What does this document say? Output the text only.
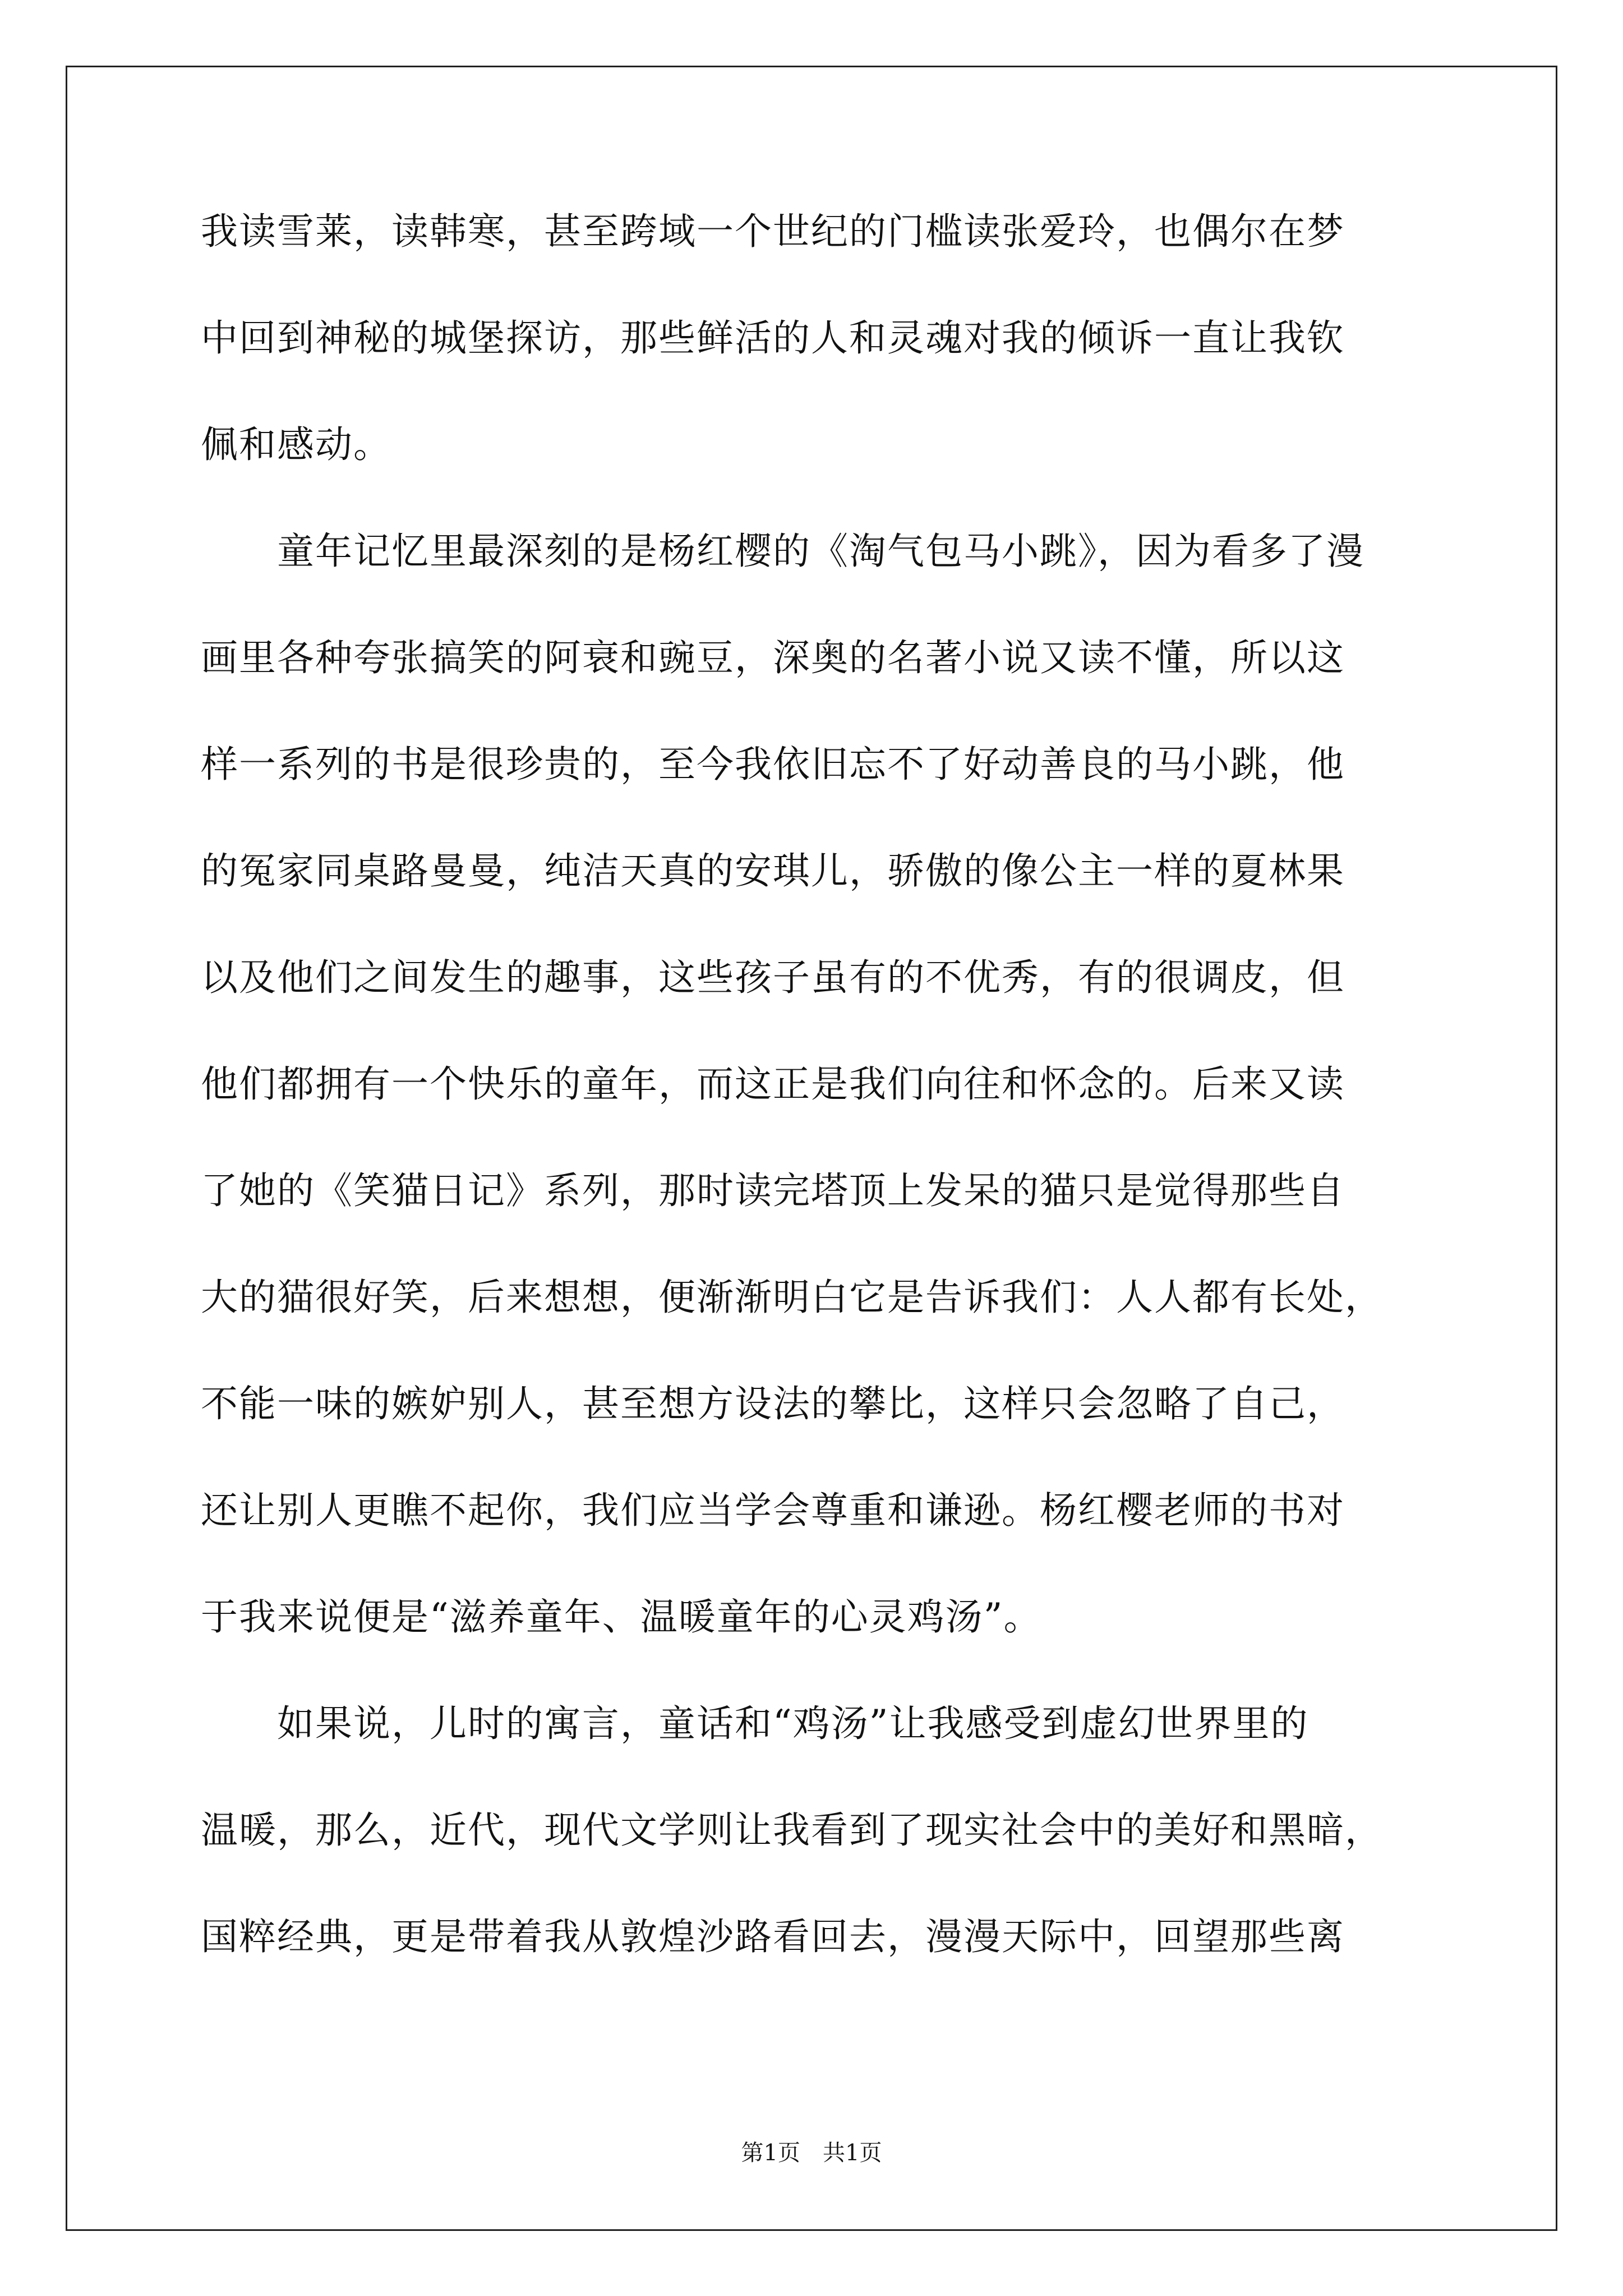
我读雪莱，读韩寒，甚至跨域一个世纪的门槛读张爱玲，也偶尔在梦

中回到神秘的城堡探访，那些鲜活的人和灵魂对我的倾诉一直让我钦

佩和感动。

　　童年记忆里最深刻的是杨红樱的《淘气包马小跳》，因为看多了漫

画里各种夸张搞笑的阿衰和豌豆，深奥的名著小说又读不懂，所以这

样一系列的书是很珍贵的，至今我依旧忘不了好动善良的马小跳，他

的冤家同桌路曼曼，纯洁天真的安琪儿，骄傲的像公主一样的夏林果

以及他们之间发生的趣事，这些孩子虽有的不优秀，有的很调皮，但

他们都拥有一个快乐的童年，而这正是我们向往和怀念的。后来又读

了她的《笑猫日记》系列，那时读完塔顶上发呆的猫只是觉得那些自

大的猫很好笑，后来想想，便渐渐明白它是告诉我们：人人都有长处，

不能一味的嫉妒别人，甚至想方设法的攀比，这样只会忽略了自己，

还让别人更瞧不起你，我们应当学会尊重和谦逊。杨红樱老师的书对

于我来说便是“滋养童年、温暖童年的心灵鸡汤”。

　　如果说，儿时的寓言，童话和“鸡汤”让我感受到虚幻世界里的

温暖，那么，近代，现代文学则让我看到了现实社会中的美好和黑暗，

国粹经典，更是带着我从敦煌沙路看回去，漫漫天际中，回望那些离

第1页　共1页
